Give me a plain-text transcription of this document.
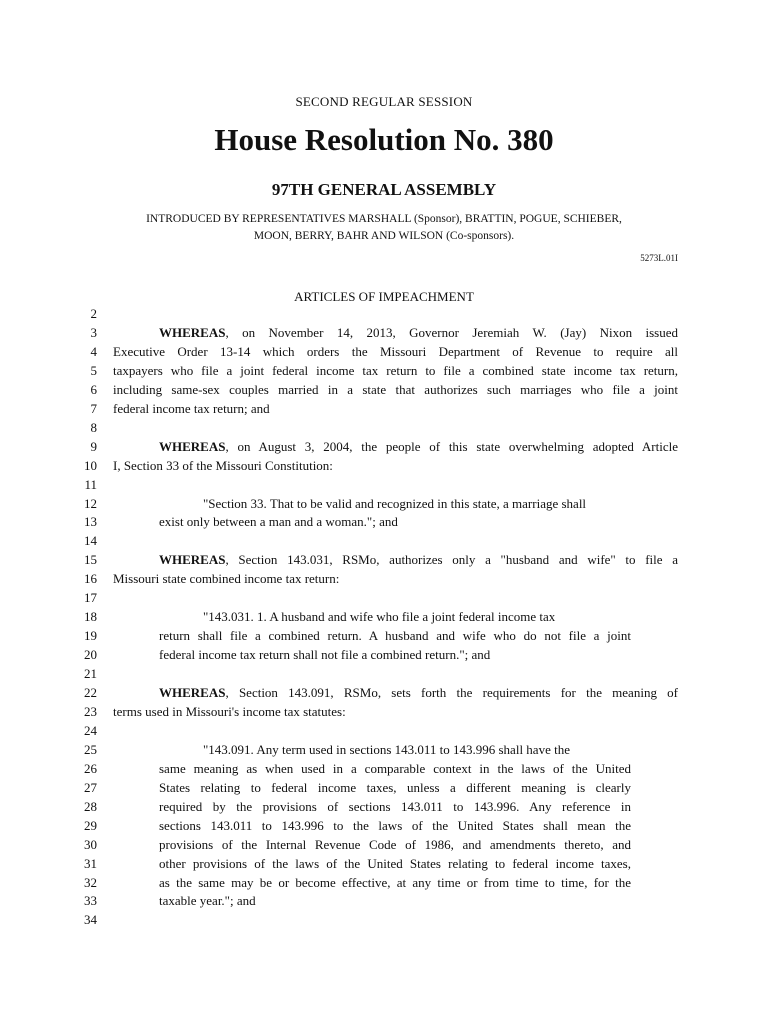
SECOND REGULAR SESSION
House Resolution No. 380
97TH GENERAL ASSEMBLY
INTRODUCED BY REPRESENTATIVES MARSHALL (Sponsor), BRATTIN, POGUE, SCHIEBER,
MOON, BERRY, BAHR AND WILSON (Co-sponsors).
5273L.01I
ARTICLES OF IMPEACHMENT
2
3	WHEREAS, on November 14, 2013, Governor Jeremiah W. (Jay) Nixon issued
4 Executive Order 13-14 which orders the Missouri Department of Revenue to require all
5 taxpayers who file a joint federal income tax return to file a combined state income tax return,
6 including same-sex couples married in a state that authorizes such marriages who file a joint
7 federal income tax return; and
8
9	WHEREAS, on August 3, 2004, the people of this state overwhelming adopted Article
10 I, Section 33 of the Missouri Constitution:
11
12	"Section 33. That to be valid and recognized in this state, a marriage shall
13	exist only between a man and a woman."; and
14
15	WHEREAS, Section 143.031, RSMo, authorizes only a "husband and wife" to file a
16 Missouri state combined income tax return:
17
18	"143.031. 1. A husband and wife who file a joint federal income tax
19	return shall file a combined return. A husband and wife who do not file a joint
20	federal income tax return shall not file a combined return."; and
21
22	WHEREAS, Section 143.091, RSMo, sets forth the requirements for the meaning of
23 terms used in Missouri's income tax statutes:
24
25	"143.091. Any term used in sections 143.011 to 143.996 shall have the
26	same meaning as when used in a comparable context in the laws of the United
27	States relating to federal income taxes, unless a different meaning is clearly
28	required by the provisions of sections 143.011 to 143.996. Any reference in
29	sections 143.011 to 143.996 to the laws of the United States shall mean the
30	provisions of the Internal Revenue Code of 1986, and amendments thereto, and
31	other provisions of the laws of the United States relating to federal income taxes,
32	as the same may be or become effective, at any time or from time to time, for the
33	taxable year."; and
34
